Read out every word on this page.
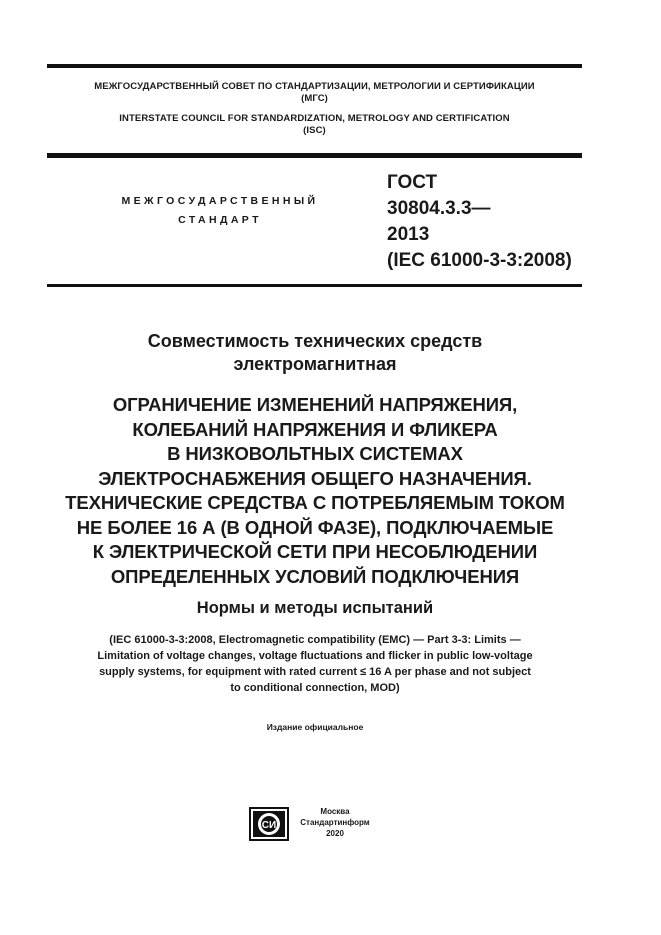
МЕЖГОСУДАРСТВЕННЫЙ СОВЕТ ПО СТАНДАРТИЗАЦИИ, МЕТРОЛОГИИ И СЕРТИФИКАЦИИ
(МГС)
INTERSTATE COUNCIL FOR STANDARDIZATION, METROLOGY AND CERTIFICATION
(ISC)
МЕЖГОСУДАРСТВЕННЫЙ
СТАНДАРТ
ГОСТ
30804.3.3—
2013
(IEC 61000-3-3:2008)
Совместимость технических средств
электромагнитная
ОГРАНИЧЕНИЕ ИЗМЕНЕНИЙ НАПРЯЖЕНИЯ,
КОЛЕБАНИЙ НАПРЯЖЕНИЯ И ФЛИКЕРА
В НИЗКОВОЛЬТНЫХ СИСТЕМАХ
ЭЛЕКТРОСНАБЖЕНИЯ ОБЩЕГО НАЗНАЧЕНИЯ.
ТЕХНИЧЕСКИЕ СРЕДСТВА С ПОТРЕБЛЯЕМЫМ ТОКОМ
НЕ БОЛЕЕ 16 А (В ОДНОЙ ФАЗЕ), ПОДКЛЮЧАЕМЫЕ
К ЭЛЕКТРИЧЕСКОЙ СЕТИ ПРИ НЕСОБЛЮДЕНИИ
ОПРЕДЕЛЕННЫХ УСЛОВИЙ ПОДКЛЮЧЕНИЯ
Нормы и методы испытаний
(IEC 61000-3-3:2008, Electromagnetic compatibility (EMC) — Part 3-3: Limits —
Limitation of voltage changes, voltage fluctuations and flicker in public low-voltage
supply systems, for equipment with rated current ≤ 16 A per phase and not subject
to conditional connection, MOD)
Издание официальное
СИ
Москва
Стандартинформ
2020
